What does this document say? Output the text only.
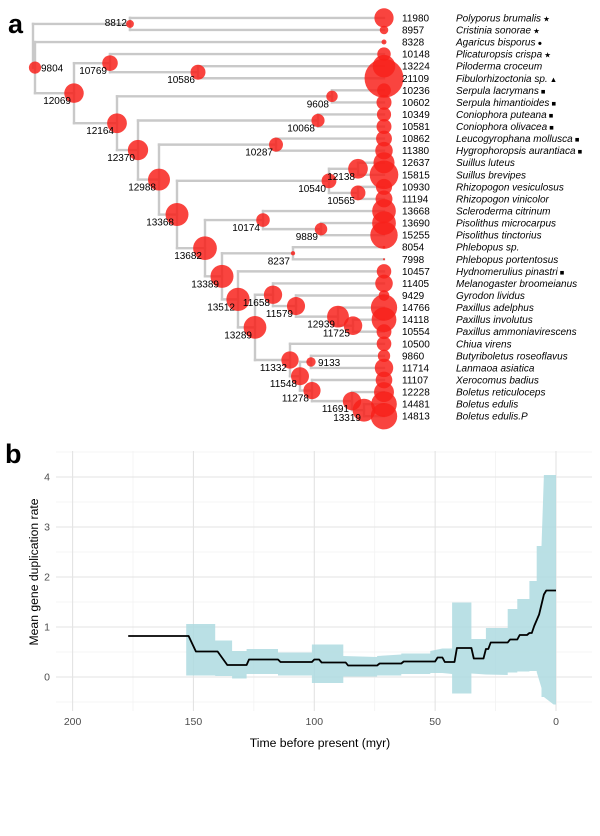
a	8812	11980	Polyporus brumalis ★
8957	Cristinia sonorae ★
9804
8328	Agaricus bisporus ●
12069
10769
10148	Plicaturopsis crispa ★
10586
13224	Piloderma croceum
21109	Fibulorhizoctonia sp. ▲
12164
9608
10236	Serpula lacrymans ■
10602	Serpula himantioides ■
12370
10068
10349	Coniophora puteana ■
10581	Coniophora olivacea ■
12988
10287
10862	Leucogyrophana mollusca ■
11380	Hygrophoropsis aurantiaca ■
13368
10540
12138
12637	Suillus luteus
15815	Suillus brevipes
10565
10930	Rhizopogon vesiculosus
11194	Rhizopogon vinicolor
13682
10174
13668	Scleroderma citrinum
9889
13690	Pisolithus microcarpus
15255	Pisolithus tinctorius
13389
8237
8054	Phlebopus sp.
7998	Phlebopus portentosus
13512
10457	Hydnomerulius pinastri ■
13289
11658
11405	Melanogaster broomeianus
11579
9429	Gyrodon lividus
12939
14766	Paxillus adelphus
11725
14118	Paxillus involutus
10554	Paxillus ammoniavirescens
11332
10500	Chiua virens
11548
9133
9860	Butyriboletus roseoflavus
11714	Lanmaoa asiatica
11278
11107	Xerocomus badius
11691
12228	Boletus reticuloceps
13319
14481	Boletus edulis
14813	Boletus edulis.P
b
200	150	100	50	0
0
1
2
3
4
Time before present (myr)
Mean gene duplication rate
